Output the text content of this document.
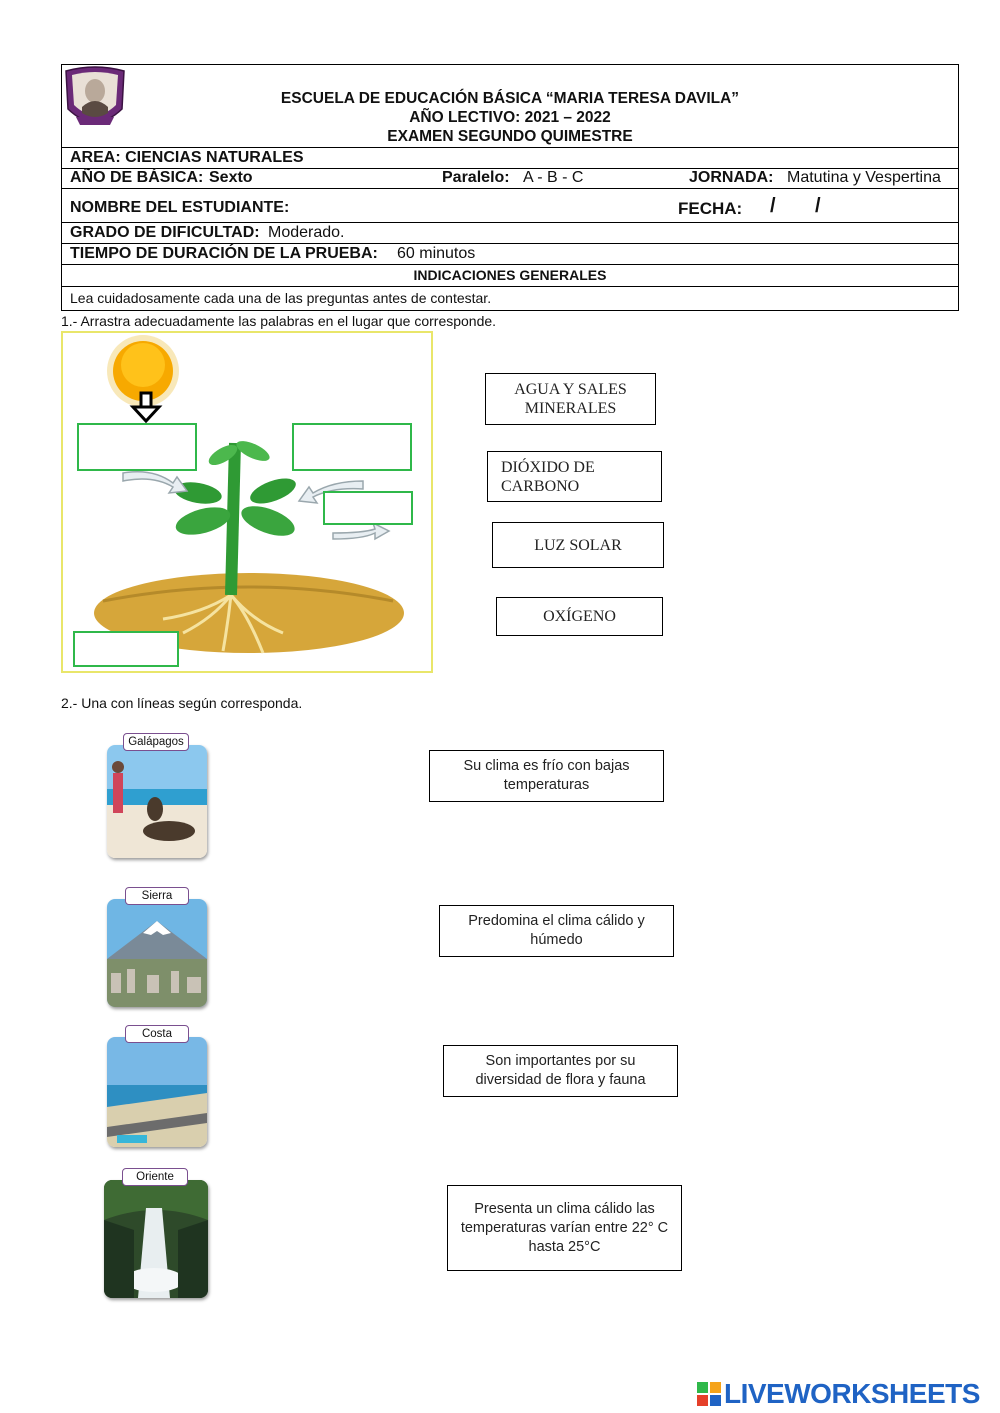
ESCUELA DE EDUCACIÓN BÁSICA “MARIA TERESA DAVILA”
AÑO LECTIVO: 2021 – 2022
EXAMEN SEGUNDO QUIMESTRE
AREA: CIENCIAS NATURALES
AÑO DE BÁSICA: Sexto	Paralelo: A - B - C	JORNADA: Matutina y Vespertina
NOMBRE DEL ESTUDIANTE:	FECHA: / /
GRADO DE DIFICULTAD: Moderado.
TIEMPO DE DURACIÓN DE LA PRUEBA: 60 minutos
INDICACIONES GENERALES
Lea cuidadosamente cada una de las preguntas antes de contestar.
1.- Arrastra adecuadamente las palabras en el lugar que corresponde.
AGUA Y SALES MINERALES
DIÓXIDO DE CARBONO
LUZ SOLAR
OXÍGENO
2.- Una con líneas según corresponda.
Galápagos
Sierra
Costa
Oriente
Su clima es frío con bajas temperaturas
Predomina el clima cálido y húmedo
Son importantes por su diversidad de flora y fauna
Presenta un clima cálido las temperaturas varían entre 22° C hasta 25°C
LIVEWORKSHEETS
